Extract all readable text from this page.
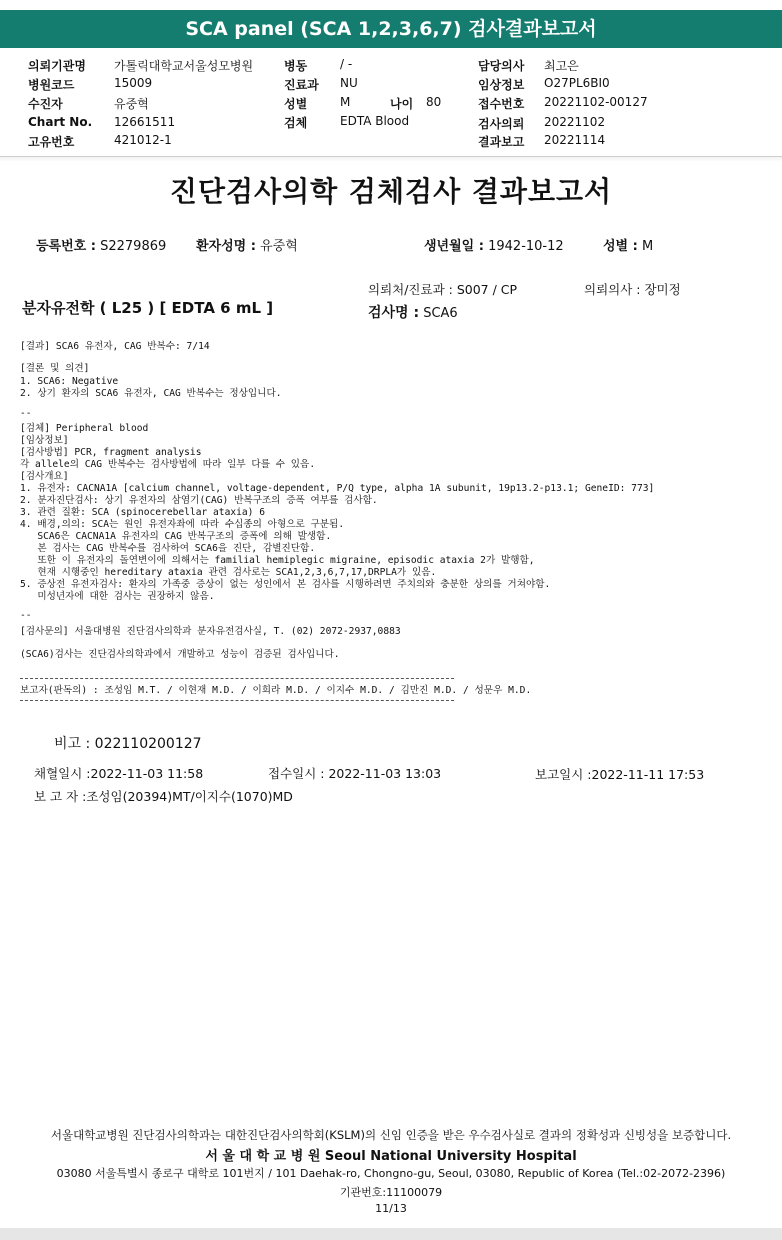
SCA panel (SCA 1,2,3,6,7) 검사결과보고서
의뢰기관명 가톨릭대학교서울성모병원	병동	/ -	담당의사 최고은
병원코드	15009	진료과 NU	임상정보 O27PL6BI0
수진자	유중혁	성별	M	나이 80	접수번호 20221102-00127
Chart No. 12661511	검체	EDTA Blood	검사의뢰 20221102
고유번호	421012-1	결과보고 20221114
진단검사의학 검체검사 결과보고서
등록번호 : S2279869 환자성명 : 유중혁	생년월일 : 1942-10-12	성별 : M
의뢰처/진료과 : S007 / CP	의뢰의사 : 장미정
분자유전학 ( L25 ) [ EDTA 6 mL ]	검사명 : SCA6
[결과] SCA6 유전자, CAG 반복수: 7/14
[결론 및 의견]
1. SCA6: Negative
2. 상기 환자의 SCA6 유전자, CAG 반복수는 정상입니다.
--
[검체] Peripheral blood
[임상정보]
[검사방법] PCR, fragment analysis
각 allele의 CAG 반복수는 검사방법에 따라 일부 다를 수 있음.
[검사개요]
1. 유전자: CACNA1A [calcium channel, voltage-dependent, P/Q type, alpha 1A subunit, 19p13.2-p13.1; GeneID: 773]
2. 분자진단검사: 상기 유전자의 삼염기(CAG) 반복구조의 증폭 여부를 검사함.
3. 관련 질환: SCA (spinocerebellar ataxia) 6
4. 배경,의의: SCA는 원인 유전자좌에 따라 수십종의 아형으로 구분됨.
SCA6은 CACNA1A 유전자의 CAG 반복구조의 증폭에 의해 발생함.
본 검사는 CAG 반복수를 검사하여 SCA6을 진단, 감별진단함.
또한 이 유전자의 돌연변이에 의해서는 familial hemiplegic migraine, episodic ataxia 2가 발행함,
현재 시행중인 hereditary ataxia 관련 검사로는 SCA1,2,3,6,7,17,DRPLA가 있음.
5. 증상전 유전자검사: 환자의 가족중 증상이 없는 성인에서 본 검사를 시행하려면 주치의와 충분한 상의를 거쳐야함.
미성년자에 대한 검사는 권장하지 않음.
--
[검사문의] 서울대병원 진단검사의학과 분자유전검사실, T. (02) 2072-2937,0883
(SCA6)검사는 진단검사의학과에서 개발하고 성능이 검증된 검사입니다.
보고자(판독의) : 조성임 M.T. / 이현재 M.D. / 이희라 M.D. / 이지수 M.D. / 김만진 M.D. / 성문우 M.D.
비고 : 022110200127
채혈일시 :2022-11-03 11:58	접수일시 : 2022-11-03 13:03	보고일시 :2022-11-11 17:53
보 고 자 :조성임(20394)MT/이지수(1070)MD
서울대학교병원 진단검사의학과는 대한진단검사의학회(KSLM)의 신임 인증을 받은 우수검사실로 결과의 정확성과 신빙성을 보증합니다.
서 울 대 학 교 병 원 Seoul National University Hospital
03080 서울특별시 종로구 대학로 101번지 / 101 Daehak-ro, Chongno-gu, Seoul, 03080, Republic of Korea (Tel.:02-2072-2396)
기관번호:11100079
11/13
